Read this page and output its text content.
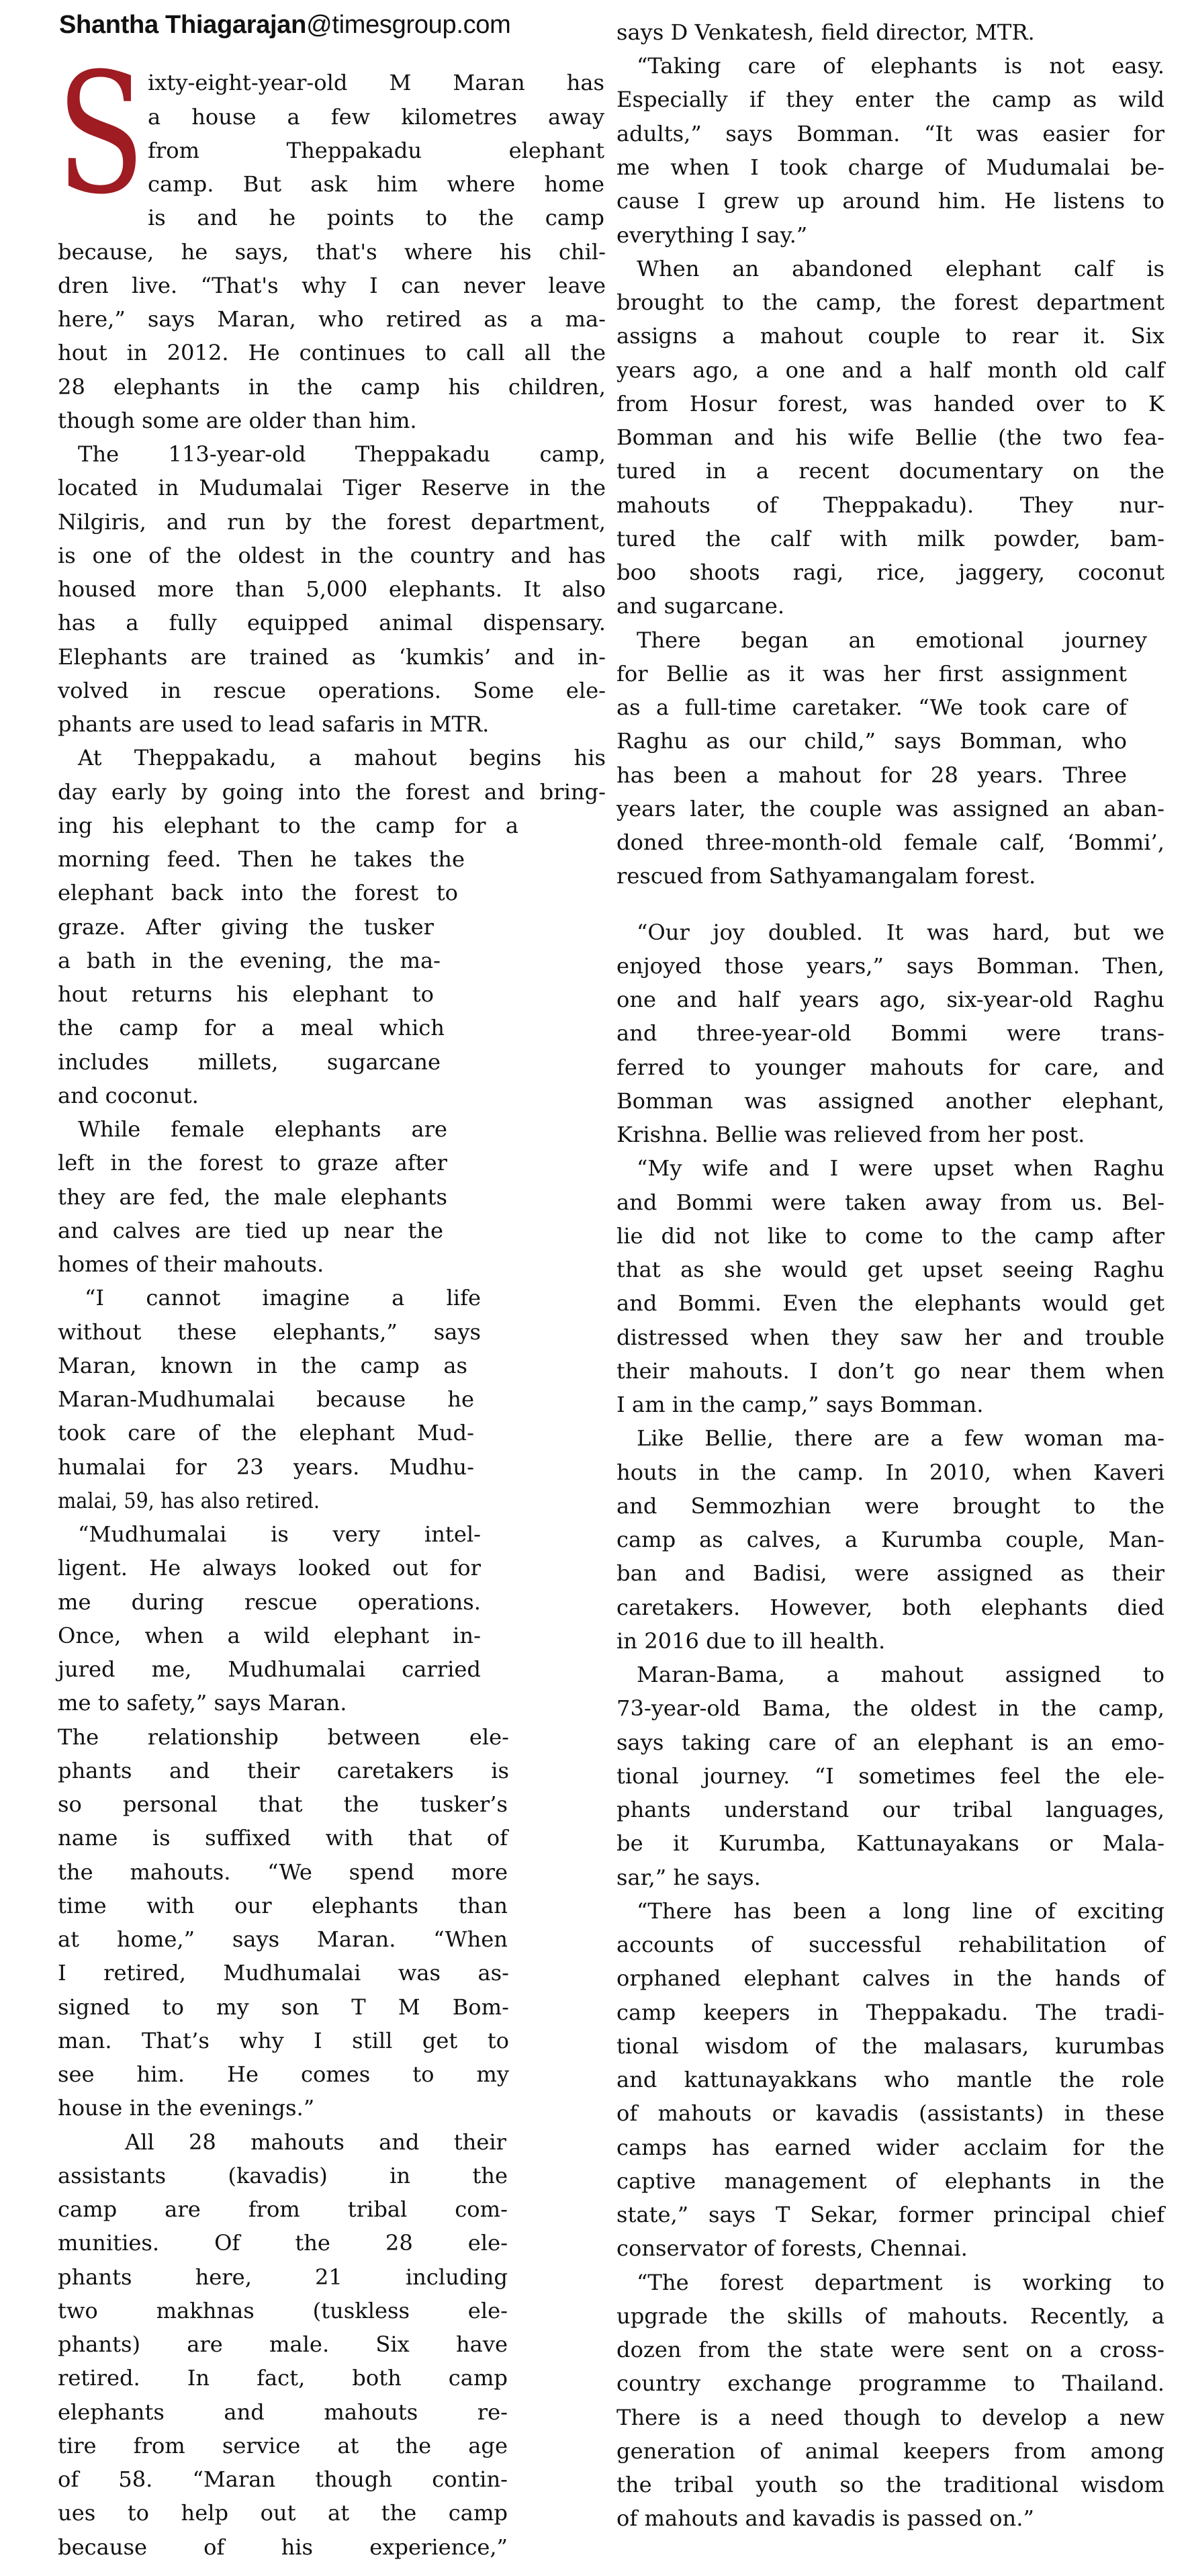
Shantha Thiagarajan@timesgroup.com
S ixty-eight-year-old M Maran has
a house a few kilometres away
from Theppakadu elephant
camp. But ask him where home
is and he points to the camp
because, he says, that's where his chil-
dren live. “That's why I can never leave
here,” says Maran, who retired as a ma-
hout in 2012. He continues to call all the
28 elephants in the camp his children,
though some are older than him.
The 113-year-old Theppakadu camp,
located in Mudumalai Tiger Reserve in the
Nilgiris, and run by the forest department,
is one of the oldest in the country and has
housed more than 5,000 elephants. It also
has a fully equipped animal dispensary.
Elephants are trained as ‘kumkis’ and in-
volved in rescue operations. Some ele-
phants are used to lead safaris in MTR.
At Theppakadu, a mahout begins his
day early by going into the forest and bring-
ing his elephant to the camp for a
morning feed. Then he takes the
elephant back into the forest to
graze. After giving the tusker
a bath in the evening, the ma-
hout returns his elephant to
the camp for a meal which
includes millets, sugarcane
and coconut.
While female elephants are
left in the forest to graze after
they are fed, the male elephants
and calves are tied up near the
homes of their mahouts.
“I cannot imagine a life
without these elephants,” says
Maran, known in the camp as
Maran-Mudhumalai because he
took care of the elephant Mud-
humalai for 23 years. Mudhu-
malai, 59, has also retired.
“Mudhumalai is very intel-
ligent. He always looked out for
me during rescue operations.
Once, when a wild elephant in-
jured me, Mudhumalai carried
me to safety,” says Maran.
The relationship between ele-
phants and their caretakers is
so personal that the tusker’s
name is suffixed with that of
the mahouts. “We spend more
time with our elephants than
at home,” says Maran. “When
I retired, Mudhumalai was as-
signed to my son T M Bom-
man. That’s why I still get to
see him. He comes to my
house in the evenings.”
All 28 mahouts and their
assistants (kavadis) in the
camp are from tribal com-
munities. Of the 28 ele-
phants here, 21 including
two makhnas (tuskless ele-
phants) are male. Six have
retired. In fact, both camp
elephants and mahouts re-
tire from service at the age
of 58. “Maran though contin-
ues to help out at the camp
because of his experience,”
says D Venkatesh, field director, MTR.
“Taking care of elephants is not easy.
Especially if they enter the camp as wild
adults,” says Bomman. “It was easier for
me when I took charge of Mudumalai be-
cause I grew up around him. He listens to
everything I say.”
When an abandoned elephant calf is
brought to the camp, the forest department
assigns a mahout couple to rear it. Six
years ago, a one and a half month old calf
from Hosur forest, was handed over to K
Bomman and his wife Bellie (the two fea-
tured in a recent documentary on the
mahouts of Theppakadu). They nur-
tured the calf with milk powder, bam-
boo shoots ragi, rice, jaggery, coconut
and sugarcane.
There began an emotional journey
for Bellie as it was her first assignment
as a full-time caretaker. “We took care of
Raghu as our child,” says Bomman, who
has been a mahout for 28 years. Three
years later, the couple was assigned an aban-
doned three-month-old female calf, ‘Bommi’,
rescued from Sathyamangalam forest.
“Our joy doubled. It was hard, but we
enjoyed those years,” says Bomman. Then,
one and half years ago, six-year-old Raghu
and three-year-old Bommi were trans-
ferred to younger mahouts for care, and
Bomman was assigned another elephant,
Krishna. Bellie was relieved from her post.
“My wife and I were upset when Raghu
and Bommi were taken away from us. Bel-
lie did not like to come to the camp after
that as she would get upset seeing Raghu
and Bommi. Even the elephants would get
distressed when they saw her and trouble
their mahouts. I don’t go near them when
I am in the camp,” says Bomman.
Like Bellie, there are a few woman ma-
houts in the camp. In 2010, when Kaveri
and Semmozhian were brought to the
camp as calves, a Kurumba couple, Man-
ban and Badisi, were assigned as their
caretakers. However, both elephants died
in 2016 due to ill health.
Maran-Bama, a mahout assigned to
73-year-old Bama, the oldest in the camp,
says taking care of an elephant is an emo-
tional journey. “I sometimes feel the ele-
phants understand our tribal languages,
be it Kurumba, Kattunayakans or Mala-
sar,” he says.
“There has been a long line of exciting
accounts of successful rehabilitation of
orphaned elephant calves in the hands of
camp keepers in Theppakadu. The tradi-
tional wisdom of the malasars, kurumbas
and kattunayakkans who mantle the role
of mahouts or kavadis (assistants) in these
camps has earned wider acclaim for the
captive management of elephants in the
state,” says T Sekar, former principal chief
conservator of forests, Chennai.
“The forest department is working to
upgrade the skills of mahouts. Recently, a
dozen from the state were sent on a cross-
country exchange programme to Thailand.
There is a need though to develop a new
generation of animal keepers from among
the tribal youth so the traditional wisdom
of mahouts and kavadis is passed on.”
